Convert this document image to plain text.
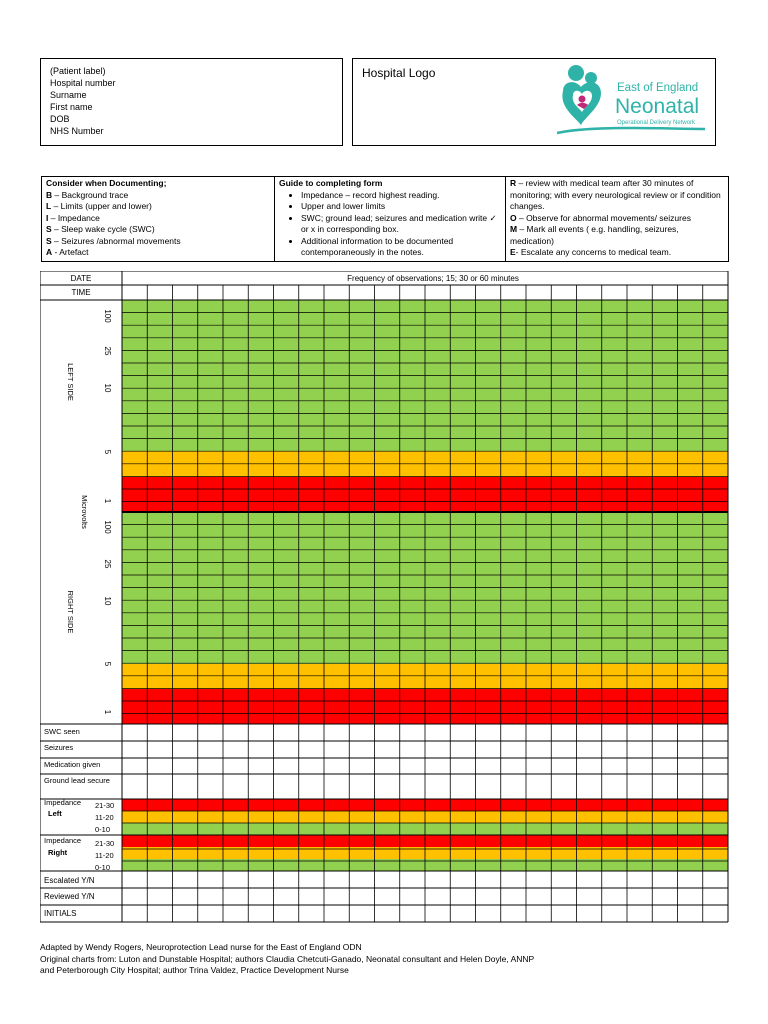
(Patient label)
Hospital number
Surname
First name
DOB
NHS Number
Hospital Logo
East of England
Neonatal
Operational Delivery Network
Consider when Documenting;
B – Background trace
L – Limits (upper and lower)
I – Impedance
S – Sleep wake cycle (SWC)
S – Seizures /abnormal movements
A - Artefact
Guide to completing form
• Impedance – record highest reading.
• Upper and lower limits
• SWC; ground lead; seizures and medication write ✓ or x in corresponding box.
• Additional information to be documented contemporaneously in the notes.
R – review with medical team after 30 minutes of monitoring; with every neurological review or if condition changes.
O – Observe for abnormal movements/ seizures
M – Mark all events ( e.g. handling, seizures, medication)
E- Escalate any concerns to medical team.
DATE
TIME
Frequency of observations; 15; 30 or 60 minutes
100
25
10
5
1
LEFT SIDE
Microvolts 100
25
10
5
1
RIGHT SIDE
SWC seen
Seizures
Medication given
Ground lead secure
Impedance
Left
21-30
11-20
0-10
Impedance
Right
21-30
11-20
0-10
Escalated Y/N
Reviewed Y/N
INITIALS
Adapted by Wendy Rogers, Neuroprotection Lead nurse for the East of England ODN
Original charts from: Luton and Dunstable Hospital; authors Claudia Chetcuti-Ganado, Neonatal consultant and Helen Doyle, ANNP
and Peterborough City Hospital; author Trina Valdez, Practice Development Nurse
